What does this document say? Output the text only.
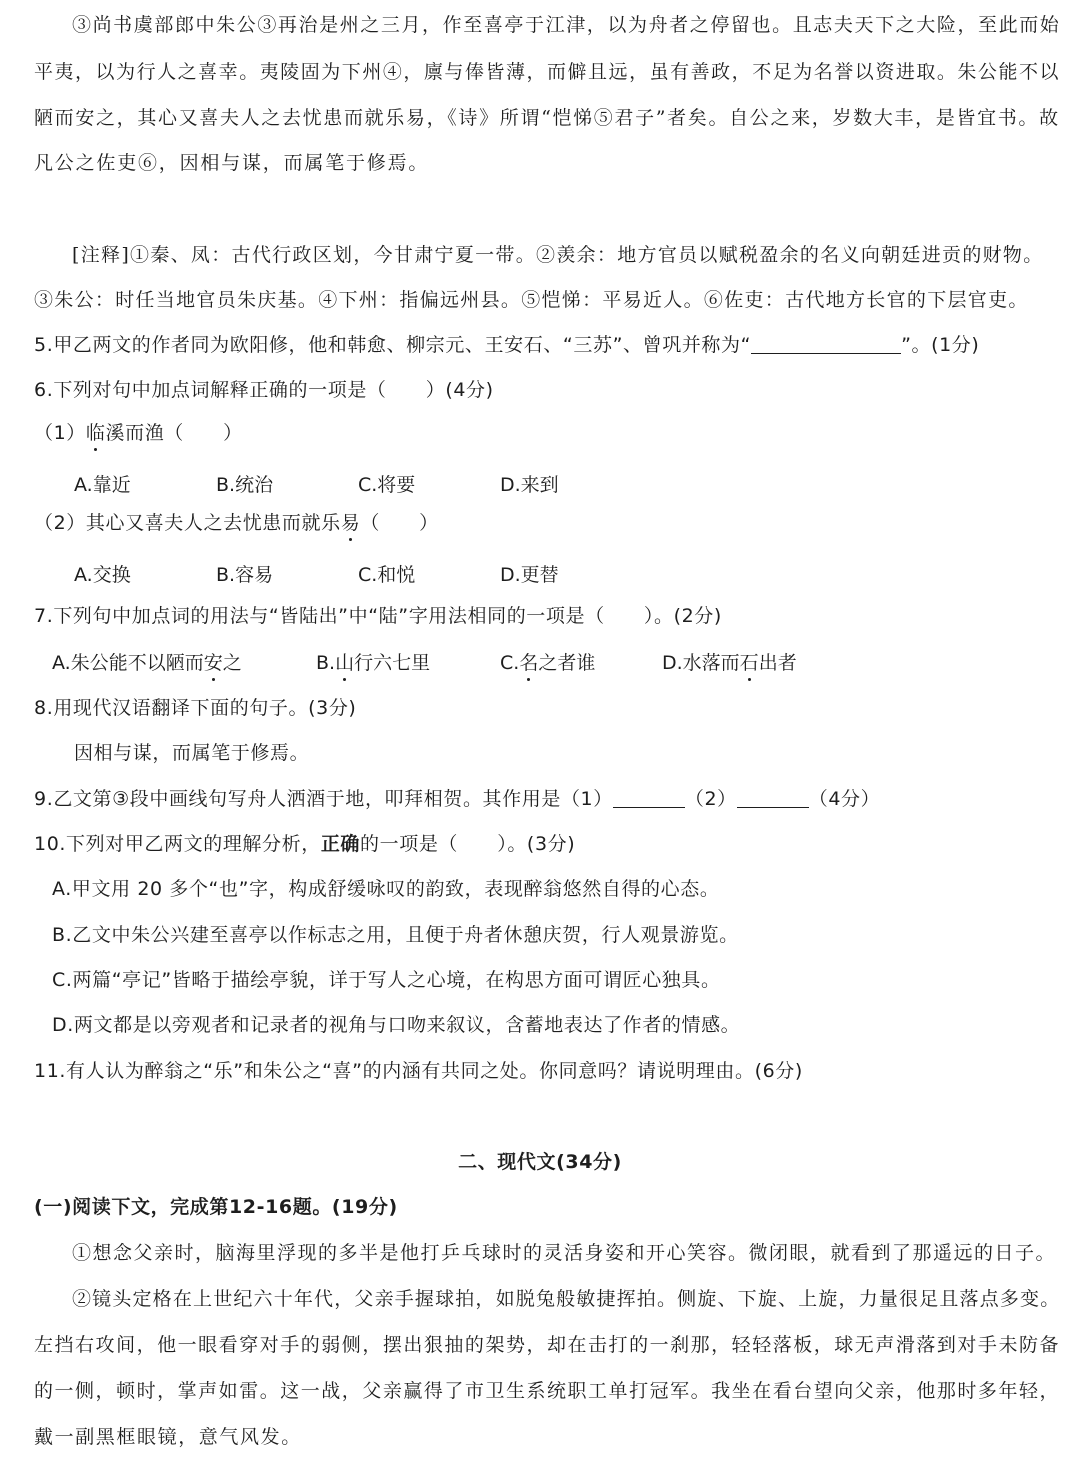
③尚书虞部郎中朱公③再治是州之三月，作至喜亭于江津，以为舟者之停留也。且志夫天下之大险，至此而始
平夷，以为行人之喜幸。夷陵固为下州④，廪与俸皆薄，而僻且远，虽有善政，不足为名誉以资进取。朱公能不以
陋而安之，其心又喜夫人之去忧患而就乐易，《诗》所谓“恺悌⑤君子”者矣。自公之来，岁数大丰，是皆宜书。故
凡公之佐吏⑥，因相与谋，而属笔于修焉。
[注释]①秦、凤：古代行政区划，今甘肃宁夏一带。②羡余：地方官员以赋税盈余的名义向朝廷进贡的财物。
③朱公：时任当地官员朱庆基。④下州：指偏远州县。⑤恺悌：平易近人。⑥佐吏：古代地方长官的下层官吏。
5.甲乙两文的作者同为欧阳修，他和韩愈、柳宗元、王安石、“三苏”、曾巩并称为“	”。(1分)
6.下列对句中加点词解释正确的一项是（　　）(4分)
（1）临溪而渔（　　）
A.靠近	B.统治	C.将要	D.来到
（2）其心又喜夫人之去忧患而就乐易（　　）
A.交换	B.容易	C.和悦	D.更替
7.下列句中加点词的用法与“皆陆出”中“陆”字用法相同的一项是（　　）。(2分)
A.朱公能不以陋而安之	B.山行六七里	C.名之者谁	D.水落而石出者
8.用现代汉语翻译下面的句子。(3分)
因相与谋，而属笔于修焉。
9.乙文第③段中画线句写舟人洒酒于地，叩拜相贺。其作用是（1）	（2）	（4分）
10.下列对甲乙两文的理解分析，正确的一项是（　　）。(3分)
A.甲文用 20 多个“也”字，构成舒缓咏叹的韵致，表现醉翁悠然自得的心态。
B.乙文中朱公兴建至喜亭以作标志之用，且便于舟者休憩庆贺，行人观景游览。
C.两篇“亭记”皆略于描绘亭貌，详于写人之心境，在构思方面可谓匠心独具。
D.两文都是以旁观者和记录者的视角与口吻来叙议，含蓄地表达了作者的情感。
11.有人认为醉翁之“乐”和朱公之“喜”的内涵有共同之处。你同意吗？请说明理由。(6分)
二、现代文(34分)
(一)阅读下文，完成第12-16题。(19分)
①想念父亲时，脑海里浮现的多半是他打乒乓球时的灵活身姿和开心笑容。微闭眼，就看到了那遥远的日子。
②镜头定格在上世纪六十年代，父亲手握球拍，如脱兔般敏捷挥拍。侧旋、下旋、上旋，力量很足且落点多变。
左挡右攻间，他一眼看穿对手的弱侧，摆出狠抽的架势，却在击打的一刹那，轻轻落板，球无声滑落到对手未防备
的一侧，顿时，掌声如雷。这一战，父亲赢得了市卫生系统职工单打冠军。我坐在看台望向父亲，他那时多年轻，
戴一副黑框眼镜，意气风发。
